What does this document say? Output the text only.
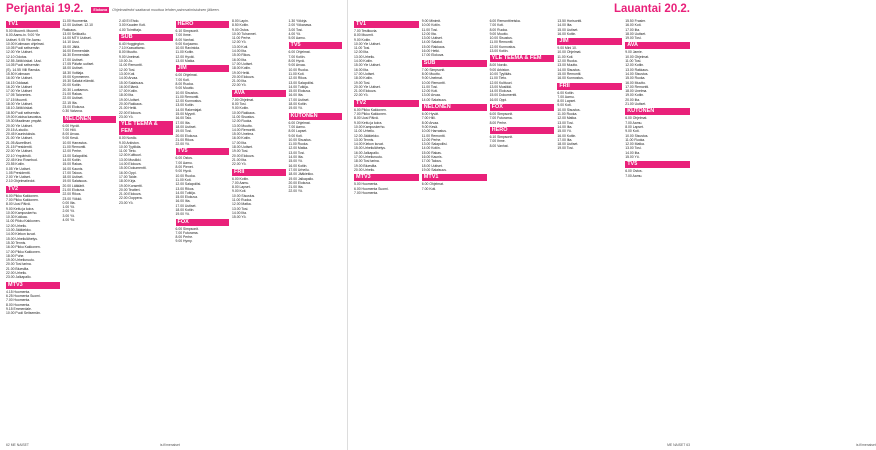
Perjantai 19.2.	Elokuva	Ohjelmatiedot saattavat muuttua lehden painovalmistuksen jälkeen.
TV1
5.00 Muumit. Muumit.
6.00 Aamu-tv. 9.00 Yle
Uutiset. 9.05 Yle Aamu.
10.00 Kotimaan ohjelmat.
10.05 Puoli seitsemän
12.00 Yle Uutiset.
12.10 Odotus.
12.55 Jäitä kiskat. Uusi.
14.05 Puoli seitsemän
(S). 14.55 Villi Ranska.
15.50 Kotimaan
16.00 Yle Uutiset.
16.15 Oddasat.
16.20 Yle Uutiset
17.00 Yle Uutiset
17.05 Talonmies.
17.15 Muumit.
18.00 Yle Uutiset.
18.10 Jäitä kiskat.
18.50 Puoli seitsemän.
19.00 Kotoisa kasvatus.
19.30 Maailman ympäri.
20.00 Yle Uutiset.
20.15 A-studio.
20.45 Kaunistuksia.
21.00 Yle Uutiset.
21.05 Alueelliset.
21.15 Presidentti.
22.00 Yle Uutiset.
22.10 Ympäristö.
22.45 Kino Rosebud.
23.55 Kotiin.
0.05 Yle Uutiset.
1.05 Presidentti.
2.00 Yle Uutiset.
2.10 Ohjelmatiedot.
TV2
6.00 Pikku Kakkonen.
7.00 Pikku Kakkonen.
8.00 Uusi Päivä.
9.00 Kettu ja koira.
10.00 Kampuskerho.
10.30 Kokkaa.
11.00 Pikku Kakkonen.
12.00 Urheilu.
13.00 Jääkiekko.
14.00 Kiekon kuvat.
15.00 Urheilulähetys.
15.30 Tennis.
16.00 Pikku Kakkonen.
17.00 Pikku Kakkonen.
18.00 Puhe.
19.00 Urheiluruutu.
20.00 Tosi tarina.
21.00 Bluesilta.
22.00 Urheilu.
23.00 Jalkapallo.
MTV3
4.15 Huomenta.
6.25 Huomenta Suomi.
7.00 Huomenta.
8.00 Huomenta.
9.15 Emmerdale.
10.00 Puoli Seitsemän.
11.00 Huomenta.
12.00 Uutiset. 12.10
Rakkaus.
13.00 Seikkailu.
14.00 MTV Uutiset.
14.10 Uusi.
15.00 Jäitä.
16.00 Emmerdale.
16.30 Emmerdale.
17.00 Uutiset.
17.05 Päivän uutiset.
18.00 Uutiset.
18.30 Voittaja.
19.00 Kymmenen.
19.30 Salatut elämät.
20.00 Kotiin.
20.30 Luottamus.
21.00 Rakas.
22.00 Uutiset.
22.15 Ilta.
23.00 Elokuva.
0.30 Valvova.
NELONEN
6.00 Hyvät.
7.00 Hiili.
8.00 Arvaa.
9.00 Kesä.
10.00 Harrastus.
11.00 Remontti.
12.00 Perhe.
13.00 Salapoliisi.
14.00 Kotiin.
15.00 Rakas.
16.00 Kaunis.
17.00 Talous.
18.00 Uutiset.
19.00 Salaisuus.
20.00 Lääkärit.
21.00 Elokuva.
22.00 Rikos.
23.00 Yökkö.
0.00 Ilta.
1.00 Yö.
2.00 Yö.
3.00 Yö.
4.00 Yö.
2.40 Ei Ehdo.
3.00 Kauden Koti.
4.00 Toimittaja.
SUB
6.40 Hoggington.
7.10 Kasvattamo.
8.00 Muutto.
9.00 Unelmat.
10.00 Jo.
11.00 Remontti.
12.00 Tosi.
13.00 Koti.
14.00 Arvaa.
15.00 Salaisuus.
16.00 Elämä.
17.00 Kotiin.
18.00 Ilta.
19.00 Uutiset.
20.00 Rakkaus.
21.00 Hetki.
22.00 Elokuva.
23.00 Yö.
YLE TEEMA & FEM
8.00 Nordic.
9.00 Arkiston.
10.00 Tyylikäs.
11.00 Tieto.
12.00 Kulttuuri.
13.00 Musiikki.
14.00 Elokuva.
15.00 Dokumentti.
16.00 Oppi.
17.00 Taide.
18.00 Kirja.
19.00 Konsertti.
20.00 Teatteri.
21.00 Elokuva.
22.00 Ooppera.
23.00 Yö.
HERO
6.10 Simpsonit.
7.00 Ihme.
8.00 Vanhat.
9.00 Korjaamo.
10.00 Ravintola.
11.00 Kotiin.
12.00 Hyvät.
13.00 Matka.
JIM
6.00 Ohjelmat.
7.00 Koti.
8.00 Ruoka.
9.00 Muutto.
10.00 Sisustus.
11.00 Remontti.
12.00 Kunnostus.
13.00 Kotiin.
14.00 Rakentajat.
15.00 Myynti.
16.00 Talo.
17.00 Ilta.
18.00 Uutiset.
19.00 Tosi.
20.00 Elokuva.
21.00 Rikos.
22.00 Yö.
TV5
6.00 Ostos.
7.00 Aamu.
8.00 Pienet.
9.00 Hyvä.
10.00 Ruoka.
11.00 Koti.
12.00 Salapoliisi.
13.00 Rikos.
14.00 Tutkija.
15.00 Elokuva.
16.00 Ilta.
17.00 Uutiset.
18.00 Kotiin.
19.00 Yö.
FOX
6.00 Simpsonit.
7.00 Futurama.
8.00 Perhe.
9.00 Hymy.
8.00 Lapin.
8.50 Kotiin.
9.00 Ostos.
10.00 Tuhannet.
11.00 Perhe.
12.00 Yö.
13.00 Koti.
14.00 Ilta.
15.00 Rikos.
16.00 Ilta.
17.00 Uutiset.
18.00 Kotiin.
19.00 Hetki.
20.00 Elokuva.
21.00 Ilta.
22.00 Yö.
AVA
7.00 Ohjelmat.
8.00 Tosi.
9.00 Kotiin.
10.00 Rakkaus.
11.00 Sisustus.
12.00 Ruoka.
13.00 Muutto.
14.00 Remontti.
15.00 Unelma.
16.00 Kotiin.
17.00 Ilta.
18.00 Uutiset.
19.00 Tosi.
20.00 Elokuva.
21.00 Ilta.
22.00 Yö.
FRII
6.00 Kotiin.
7.00 Aamu.
8.00 Lapset.
9.00 Koti.
10.00 Sisustus.
11.00 Ruoka.
12.00 Matka.
13.00 Tosi.
14.00 Ilta.
15.00 Yö.
1.30 Yökirja.
2.00 Yökanava.
3.00 Tosi.
4.00 Yö.
5.00 Aamu.
TV5
6.00 Ohjelmat.
7.00 Kotiin.
8.00 Hyvä.
9.00 Arvaa.
10.00 Ruoka.
11.00 Koti.
12.00 Rikos.
13.00 Salapoliisi.
14.00 Tutkija.
15.00 Elokuva.
16.00 Ilta.
17.00 Uutiset.
18.00 Kotiin.
19.00 Yö.
KUTONEN
6.00 Ohjelmat.
7.00 Aamu.
8.00 Lapset.
9.00 Koti.
10.00 Sisustus.
11.00 Ruoka.
12.00 Matka.
13.00 Tosi.
14.00 Ilta.
15.00 Yö.
16.00 Kotiin.
17.00 Urheilu.
18.00 Jääkiekko.
19.00 Jalkapallo.
20.00 Elokuva.
21.00 Ilta.
22.00 Yö.
62 ME NAISET	is.fi/menaiset
Lauantai 20.2.
TV1
7.00 Testikuvia.
8.00 Muumit.
9.00 Kotiin.
10.00 Yle Uutiset.
11.00 Tosi.
12.00 Ilta.
13.00 Urheilu.
14.00 Kotiin.
15.00 Yle Uutiset.
16.00 Ilta.
17.00 Uutiset.
18.00 Kotiin.
19.00 Tosi.
20.00 Yle Uutiset.
21.00 Elokuva.
22.00 Yö.
TV2
6.00 Pikku Kakkonen.
7.00 Pikku Kakkonen.
8.00 Uusi Päivä.
9.00 Kettu ja koira.
10.00 Kampuskerho.
11.00 Urheilu.
12.00 Jääkiekko.
13.00 Tennis.
14.00 Kiekon kuvat.
15.00 Urheilulähetys.
16.00 Jalkapallo.
17.00 Urheiluruutu.
18.00 Tosi tarina.
19.00 Bluesilta.
20.00 Urheilu.
MTV3
5.00 Huomenta.
6.00 Huomenta Suomi.
7.00 Huomenta.
9.00 Minimit.
10.00 Kotiin.
11.00 Tosi.
12.00 Ilta.
13.00 Uutiset.
14.00 Salatut.
15.00 Rakkaus.
16.00 Hetki.
17.00 Elokuva.
SUB
7.00 Simpsonit.
8.00 Muutto.
9.00 Unelmat.
10.00 Remontti.
11.00 Tosi.
12.00 Koti.
13.00 Arvaa.
14.00 Salaisuus.
NELONEN
6.00 Hyvät.
7.00 Hiili.
8.00 Arvaa.
9.00 Kesä.
10.00 Harrastus.
11.00 Remontti.
12.00 Perhe.
13.00 Salapoliisi.
14.00 Kotiin.
15.00 Rakas.
16.00 Kaunis.
17.00 Talous.
18.00 Uutiset.
19.00 Salaisuus.
MTV1
6.00 Ohjelmat.
7.00 Koti.
6.00 Remonttireiska.
7.00 Koti.
8.00 Ruoka.
9.00 Muutto.
10.00 Sisustus.
11.00 Remontti.
12.00 Kunnostus.
13.00 Kotiin.
YLE TEEMA & FEM
8.00 Nordic.
9.00 Arkiston.
10.00 Tyylikäs.
11.00 Tieto.
12.00 Kulttuuri.
13.00 Musiikki.
14.00 Elokuva.
15.00 Dokumentti.
16.00 Oppi.
FOX
6.00 Simpsonit.
7.00 Futurama.
8.00 Perhe.
HERO
6.10 Simpsonit.
7.00 Ihme.
8.00 Vanhat.
13.50 Horisontti.
14.00 Ilta.
15.00 Uutiset.
16.00 Kotiin.
JIM
9.00 Mini 10.
10.00 Ohjelmat.
11.00 Koti.
12.00 Ruoka.
13.00 Muutto.
14.00 Sisustus.
15.00 Remontti.
16.00 Kunnostus.
FRII
6.00 Kotiin.
7.00 Aamu.
8.00 Lapset.
9.00 Koti.
10.00 Sisustus.
11.00 Ruoka.
12.00 Matka.
13.00 Tosi.
14.00 Ilta.
15.00 Yö.
16.00 Kotiin.
17.00 Ilta.
18.00 Uutiset.
19.00 Tosi.
15.50 Frasier.
16.00 Koti.
17.00 Ilta.
18.00 Uutiset.
19.00 Tosi.
AVA
9.00 Jamie.
10.00 Ohjelmat.
11.00 Tosi.
12.00 Kotiin.
13.00 Rakkaus.
14.00 Sisustus.
15.00 Ruoka.
16.00 Muutto.
17.00 Remontti.
18.00 Unelma.
19.00 Kotiin.
20.00 Ilta.
21.00 Uutiset.
KUTONEN
6.00 Ohjelmat.
7.00 Aamu.
8.00 Lapset.
9.00 Koti.
10.00 Sisustus.
11.00 Ruoka.
12.00 Matka.
13.00 Tosi.
14.00 Ilta.
15.00 Yö.
TV5
6.00 Ostos.
7.00 Aamu.
ME NAISET 63	is.fi/menaiset
